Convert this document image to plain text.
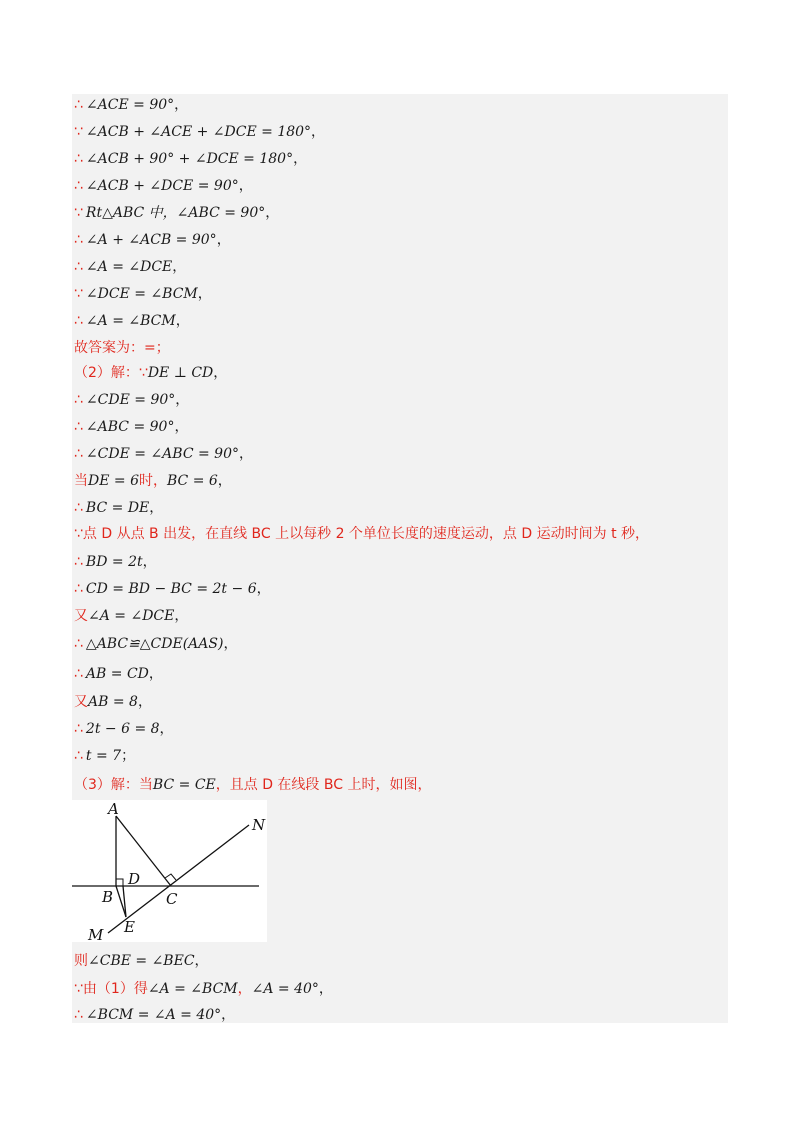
∴ ∠ACE = 90°，
∵ ∠ACB + ∠ACE + ∠DCE = 180°，
∴ ∠ACB + 90° + ∠DCE = 180°，
∴ ∠ACB + ∠DCE = 90°，
∵ Rt△ABC 中，∠ABC = 90°，
∴ ∠A + ∠ACB = 90°，
∴ ∠A = ∠DCE，
∵ ∠DCE = ∠BCM，
∴ ∠A = ∠BCM，
故答案为：=；
（2）解：∵DE ⊥ CD，
∴ ∠CDE = 90°，
∴ ∠ABC = 90°，
∴ ∠CDE = ∠ABC = 90°，
当DE = 6时，BC = 6，
∴ BC = DE，
∵点 D 从点 B 出发，在直线 BC 上以每秒 2 个单位长度的速度运动，点 D 运动时间为 t 秒，
∴ BD = 2t，
∴ CD = BD − BC = 2t − 6，
又∠A = ∠DCE，
∴ △ABC≌△CDE(AAS)，
∴ AB = CD，
又AB = 8，
∴ 2t − 6 = 8，
∴ t = 7；
（3）解：当BC = CE，且点 D 在线段 BC 上时，如图，
则∠CBE = ∠BEC，
∵由（1）得∠A = ∠BCM，∠A = 40°，
∴ ∠BCM = ∠A = 40°，
A
B
D
C
E
M
N
